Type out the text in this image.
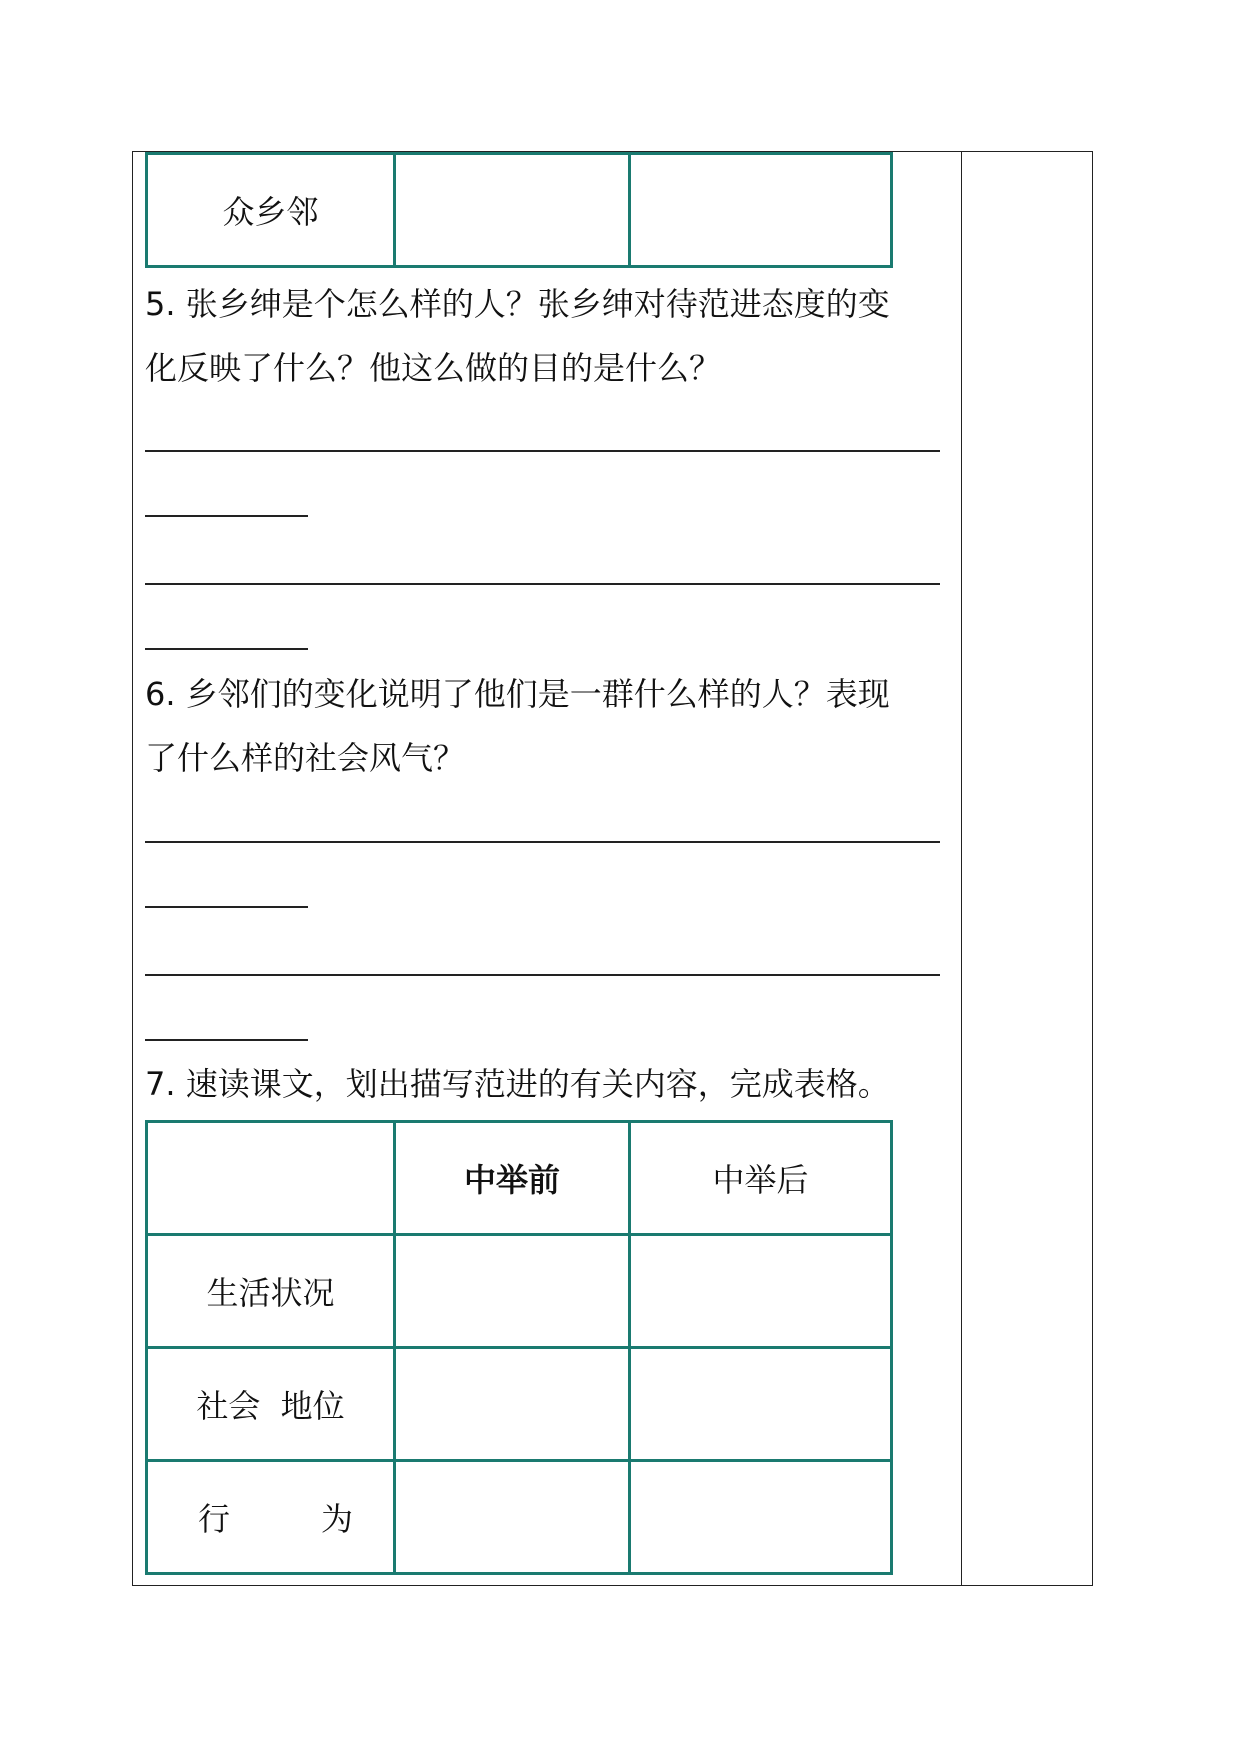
众乡邻		

5. 张乡绅是个怎么样的人？张乡绅对待范进态度的变

化反映了什么？他这么做的目的是什么？

6. 乡邻们的变化说明了他们是一群什么样的人？表现

了什么样的社会风气？

7. 速读课文，划出描写范进的有关内容，完成表格。

	中举前	中举后
生活状况		
社会  地位		

行 为		
